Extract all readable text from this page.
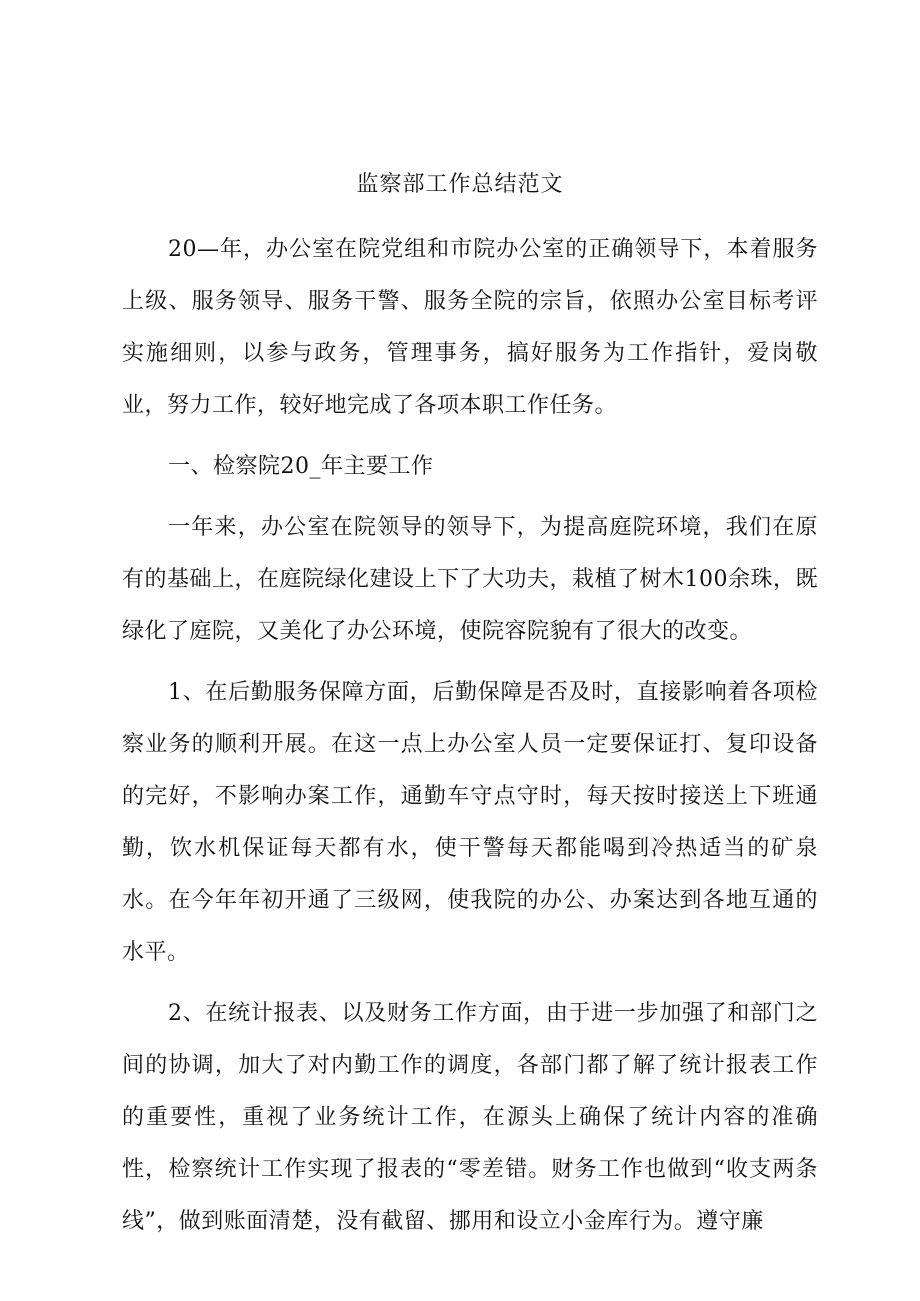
监察部工作总结范文

20—年，办公室在院党组和市院办公室的正确领导下，本着服务上级、服务领导、服务干警、服务全院的宗旨，依照办公室目标考评实施细则，以参与政务，管理事务，搞好服务为工作指针，爱岗敬业，努力工作，较好地完成了各项本职工作任务。

一、检察院20_年主要工作

一年来，办公室在院领导的领导下，为提高庭院环境，我们在原有的基础上，在庭院绿化建设上下了大功夫，栽植了树木100余珠，既绿化了庭院，又美化了办公环境，使院容院貌有了很大的改变。

1、在后勤服务保障方面，后勤保障是否及时，直接影响着各项检察业务的顺利开展。在这一点上办公室人员一定要保证打、复印设备的完好，不影响办案工作，通勤车守点守时，每天按时接送上下班通勤，饮水机保证每天都有水，使干警每天都能喝到冷热适当的矿泉水。在今年年初开通了三级网，使我院的办公、办案达到各地互通的水平。

2、在统计报表、以及财务工作方面，由于进一步加强了和部门之间的协调，加大了对内勤工作的调度，各部门都了解了统计报表工作的重要性，重视了业务统计工作，在源头上确保了统计内容的准确性，检察统计工作实现了报表的“零差错。财务工作也做到“收支两条线”，做到账面清楚，没有截留、挪用和设立小金库行为。遵守廉
